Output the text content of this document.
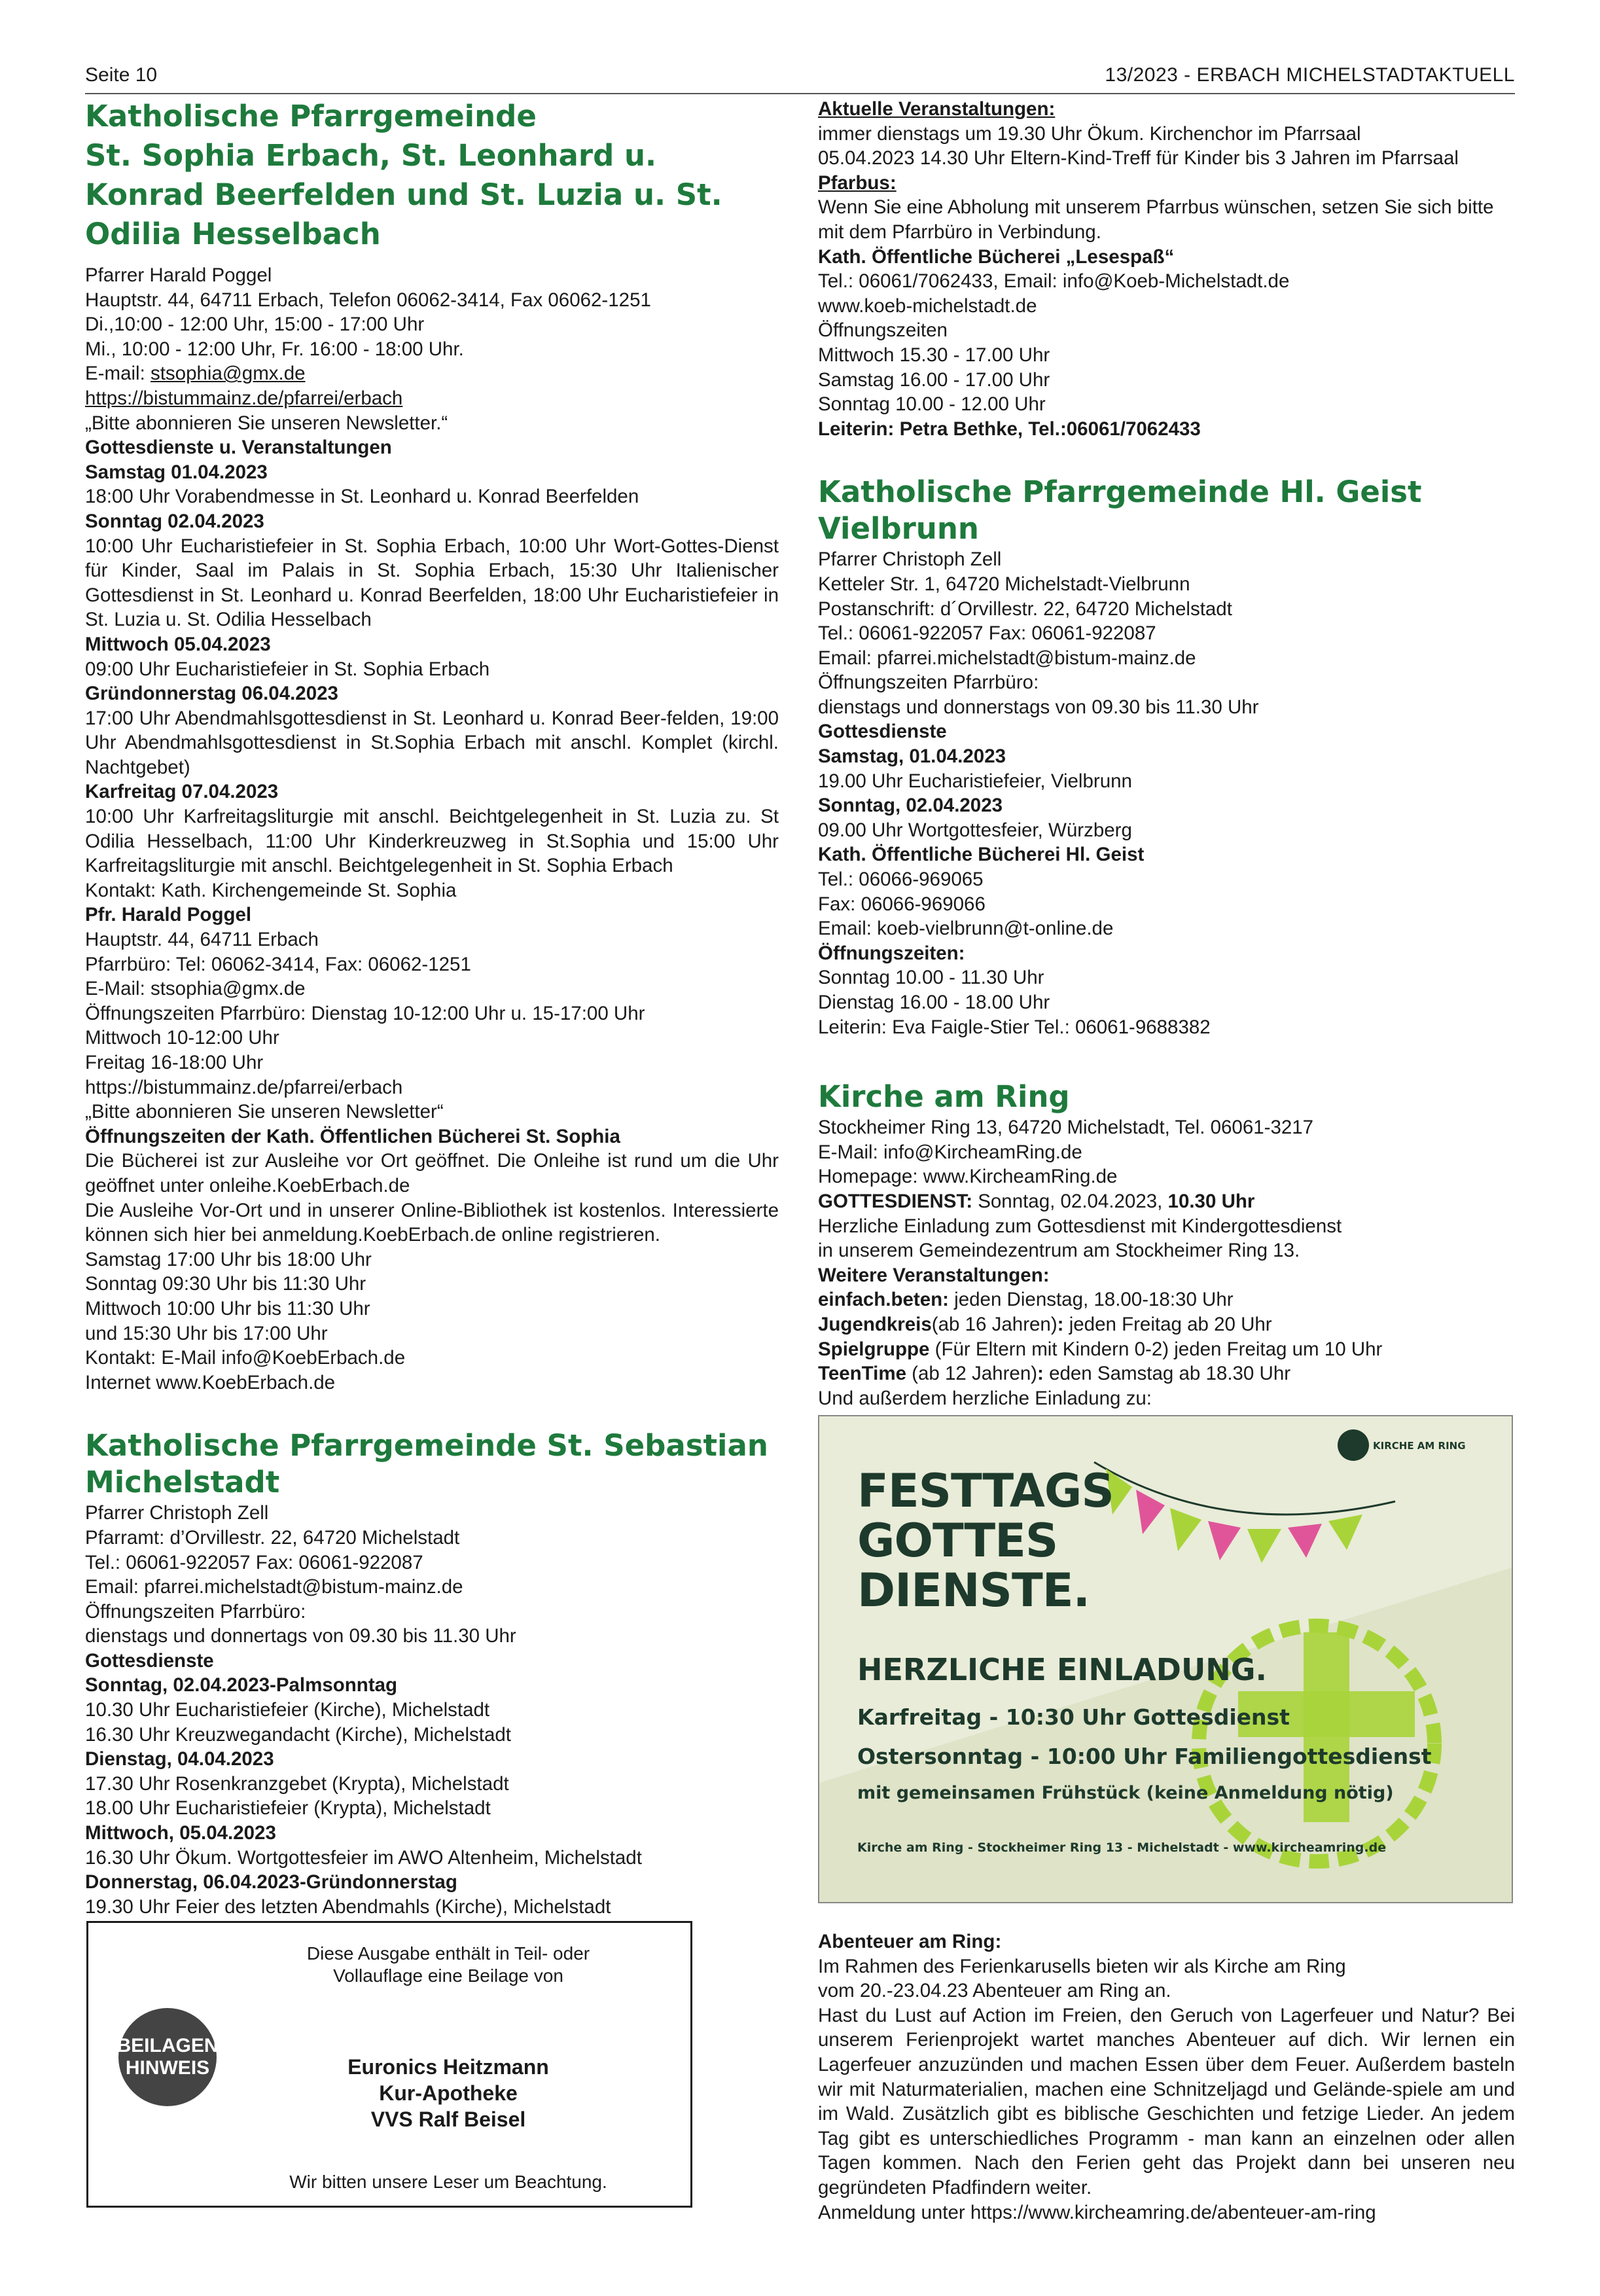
Seite 10	13/2023 - ERBACH MICHELSTADTAKTUELL
Katholische Pfarrgemeinde
St. Sophia Erbach, St. Leonhard u. Konrad Beerfelden und St. Luzia u. St. Odilia Hesselbach

Pfarrer Harald Poggel

Hauptstr. 44, 64711 Erbach, Telefon 06062-3414, Fax 06062-1251

Di.,10:00 - 12:00 Uhr, 15:00 - 17:00 Uhr

Mi., 10:00 - 12:00 Uhr, Fr. 16:00 - 18:00 Uhr.

E-mail: stsophia@gmx.de

https://bistummainz.de/pfarrei/erbach

„Bitte abonnieren Sie unseren Newsletter.“

Gottesdienste u. Veranstaltungen

Samstag 01.04.2023

18:00 Uhr Vorabendmesse in St. Leonhard u. Konrad Beerfelden

Sonntag 02.04.2023

10:00 Uhr Eucharistiefeier in St. Sophia Erbach, 10:00 Uhr Wort-Gottes-Dienst für Kinder, Saal im Palais in St. Sophia Erbach, 15:30 Uhr Italienischer Gottesdienst in St. Leonhard u. Konrad Beerfelden, 18:00 Uhr Eucharistiefeier in St. Luzia u. St. Odilia Hesselbach

Mittwoch 05.04.2023

09:00 Uhr Eucharistiefeier in St. Sophia Erbach

Gründonnerstag 06.04.2023

17:00 Uhr Abendmahlsgottesdienst in St. Leonhard u. Konrad Beer-felden, 19:00 Uhr Abendmahlsgottesdienst in St.Sophia Erbach mit anschl. Komplet (kirchl. Nachtgebet)

Karfreitag 07.04.2023

10:00 Uhr Karfreitagsliturgie mit anschl. Beichtgelegenheit in St. Luzia zu. St Odilia Hesselbach, 11:00 Uhr Kinderkreuzweg in St.Sophia und 15:00 Uhr Karfreitagsliturgie mit anschl. Beichtgelegenheit in St. Sophia Erbach

Kontakt: Kath. Kirchengemeinde St. Sophia

Pfr. Harald Poggel

Hauptstr. 44, 64711 Erbach

Pfarrbüro: Tel: 06062-3414, Fax: 06062-1251

E-Mail: stsophia@gmx.de

Öffnungszeiten Pfarrbüro: Dienstag 10-12:00 Uhr u. 15-17:00 Uhr

Mittwoch 10-12:00 Uhr

Freitag 16-18:00 Uhr

https://bistummainz.de/pfarrei/erbach

„Bitte abonnieren Sie unseren Newsletter“

Öffnungszeiten der Kath. Öffentlichen Bücherei St. Sophia

Die Bücherei ist zur Ausleihe vor Ort geöffnet. Die Onleihe ist rund um die Uhr geöffnet unter onleihe.KoebErbach.de

Die Ausleihe Vor-Ort und in unserer Online-Bibliothek ist kostenlos. Interessierte können sich hier bei anmeldung.KoebErbach.de online registrieren.

Samstag 17:00 Uhr bis 18:00 Uhr

Sonntag 09:30 Uhr bis 11:30 Uhr

Mittwoch 10:00 Uhr bis 11:30 Uhr

und 15:30 Uhr bis 17:00 Uhr

Kontakt: E-Mail info@KoebErbach.de

Internet www.KoebErbach.de

Katholische Pfarrgemeinde St. Sebastian Michelstadt

Pfarrer Christoph Zell

Pfarramt: d’Orvillestr. 22, 64720 Michelstadt

Tel.: 06061-922057 Fax: 06061-922087

Email: pfarrei.michelstadt@bistum-mainz.de

Öffnungszeiten Pfarrbüro:

dienstags und donnertags von 09.30 bis 11.30 Uhr

Gottesdienste

Sonntag, 02.04.2023-Palmsonntag

10.30 Uhr Eucharistiefeier (Kirche), Michelstadt

16.30 Uhr Kreuzwegandacht (Kirche), Michelstadt

Dienstag, 04.04.2023

17.30 Uhr Rosenkranzgebet (Krypta), Michelstadt

18.00 Uhr Eucharistiefeier (Krypta), Michelstadt

Mittwoch, 05.04.2023

16.30 Uhr Ökum. Wortgottesfeier im AWO Altenheim, Michelstadt

Donnerstag, 06.04.2023-Gründonnerstag

19.30 Uhr Feier des letzten Abendmahls (Kirche), Michelstadt

Diese Ausgabe enthält in Teil- oder Vollauflage eine Beilage von
BEILAGEN HINWEIS	Euronics Heitzmann
Kur-Apotheke
VVS Ralf Beisel
Wir bitten unsere Leser um Beachtung.

Aktuelle Veranstaltungen:

immer dienstags um 19.30 Uhr Ökum. Kirchenchor im Pfarrsaal

05.04.2023 14.30 Uhr Eltern-Kind-Treff für Kinder bis 3 Jahren im Pfarrsaal

Pfarbus:

Wenn Sie eine Abholung mit unserem Pfarrbus wünschen, setzen Sie sich bitte mit dem Pfarrbüro in Verbindung.

Kath. Öffentliche Bücherei „Lesespaß“

Tel.: 06061/7062433, Email: info@Koeb-Michelstadt.de

www.koeb-michelstadt.de

Öffnungszeiten

Mittwoch 15.30 - 17.00 Uhr

Samstag 16.00 - 17.00 Uhr

Sonntag 10.00 - 12.00 Uhr

Leiterin: Petra Bethke, Tel.:06061/7062433

Katholische Pfarrgemeinde Hl. Geist Vielbrunn

Pfarrer Christoph Zell

Ketteler Str. 1, 64720 Michelstadt-Vielbrunn

Postanschrift: d´Orvillestr. 22, 64720 Michelstadt

Tel.: 06061-922057 Fax: 06061-922087

Email: pfarrei.michelstadt@bistum-mainz.de

Öffnungszeiten Pfarrbüro:

dienstags und donnerstags von 09.30 bis 11.30 Uhr

Gottesdienste

Samstag, 01.04.2023

19.00 Uhr Eucharistiefeier, Vielbrunn

Sonntag, 02.04.2023

09.00 Uhr Wortgottesfeier, Würzberg

Kath. Öffentliche Bücherei Hl. Geist

Tel.: 06066-969065

Fax: 06066-969066

Email: koeb-vielbrunn@t-online.de

Öffnungszeiten:

Sonntag 10.00 - 11.30 Uhr

Dienstag 16.00 - 18.00 Uhr

Leiterin: Eva Faigle-Stier Tel.: 06061-9688382

Kirche am Ring

Stockheimer Ring 13, 64720 Michelstadt, Tel. 06061-3217

E-Mail: info@KircheamRing.de

Homepage: www.KircheamRing.de

GOTTESDIENST: Sonntag, 02.04.2023, 10.30 Uhr

Herzliche Einladung zum Gottesdienst mit Kindergottesdienst

in unserem Gemeindezentrum am Stockheimer Ring 13.

Weitere Veranstaltungen:

einfach.beten: jeden Dienstag, 18.00-18:30 Uhr

Jugendkreis(ab 16 Jahren): jeden Freitag ab 20 Uhr

Spielgruppe (Für Eltern mit Kindern 0-2) jeden Freitag um 10 Uhr

TeenTime (ab 12 Jahren): eden Samstag ab 18.30 Uhr

Und außerdem herzliche Einladung zu:

KIRCHE AM RING
FESTTAGS
GOTTES
DIENSTE.
HERZLICHE EINLADUNG.
Karfreitag - 10:30 Uhr Gottesdienst
Ostersonntag - 10:00 Uhr Familiengottesdienst
mit gemeinsamen Frühstück (keine Anmeldung nötig)
Kirche am Ring - Stockheimer Ring 13 - Michelstadt - www.kircheamring.de

Abenteuer am Ring:

Im Rahmen des Ferienkarusells bieten wir als Kirche am Ring

vom 20.-23.04.23 Abenteuer am Ring an.

Hast du Lust auf Action im Freien, den Geruch von Lagerfeuer und Natur? Bei unserem Ferienprojekt wartet manches Abenteuer auf dich. Wir lernen ein Lagerfeuer anzuzünden und machen Essen über dem Feuer. Außerdem basteln wir mit Naturmaterialien, machen eine Schnitzeljagd und Gelände-spiele am und im Wald. Zusätzlich gibt es biblische Geschichten und fetzige Lieder. An jedem Tag gibt es unterschiedliches Programm - man kann an einzelnen oder allen Tagen kommen. Nach den Ferien geht das Projekt dann bei unseren neu gegründeten Pfadfindern weiter.

Anmeldung unter https://www.kircheamring.de/abenteuer-am-ring
